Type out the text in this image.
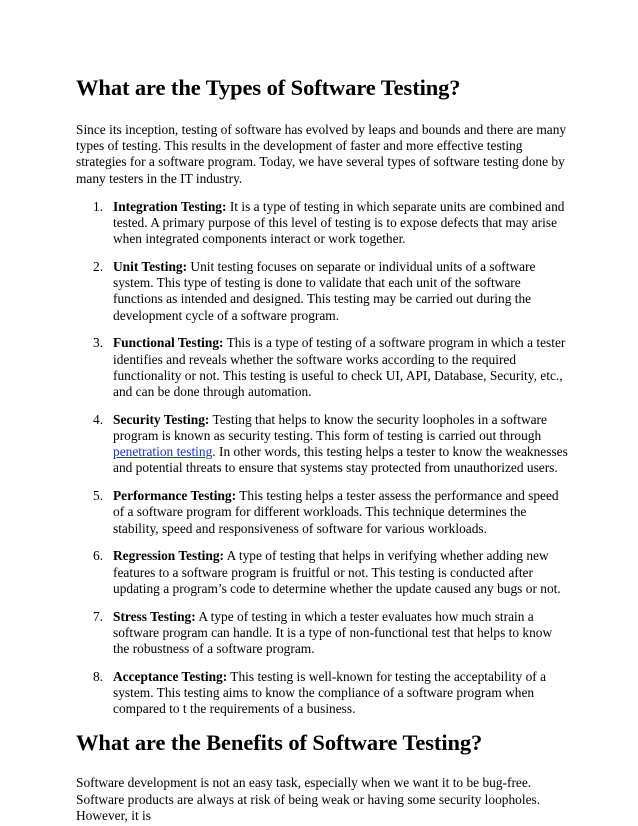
What are the Types of Software Testing?

Since its inception, testing of software has evolved by leaps and bounds and there are many types of testing. This results in the development of faster and more effective testing strategies for a software program. Today, we have several types of software testing done by many testers in the IT industry.

1. Integration Testing: It is a type of testing in which separate units are combined and tested. A primary purpose of this level of testing is to expose defects that may arise when integrated components interact or work together.
2. Unit Testing: Unit testing focuses on separate or individual units of a software system. This type of testing is done to validate that each unit of the software functions as intended and designed. This testing may be carried out during the development cycle of a software program.
3. Functional Testing: This is a type of testing of a software program in which a tester identifies and reveals whether the software works according to the required functionality or not. This testing is useful to check UI, API, Database, Security, etc., and can be done through automation.
4. Security Testing: Testing that helps to know the security loopholes in a software program is known as security testing. This form of testing is carried out through penetration testing. In other words, this testing helps a tester to know the weaknesses and potential threats to ensure that systems stay protected from unauthorized users.
5. Performance Testing: This testing helps a tester assess the performance and speed of a software program for different workloads. This technique determines the stability, speed and responsiveness of software for various workloads.
6. Regression Testing: A type of testing that helps in verifying whether adding new features to a software program is fruitful or not. This testing is conducted after updating a program’s code to determine whether the update caused any bugs or not.
7. Stress Testing: A type of testing in which a tester evaluates how much strain a software program can handle. It is a type of non-functional test that helps to know the robustness of a software program.
8. Acceptance Testing: This testing is well-known for testing the acceptability of a system. This testing aims to know the compliance of a software program when compared to t the requirements of a business.
What are the Benefits of Software Testing?

Software development is not an easy task, especially when we want it to be bug-free. Software products are always at risk of being weak or having some security loopholes. However, it is
